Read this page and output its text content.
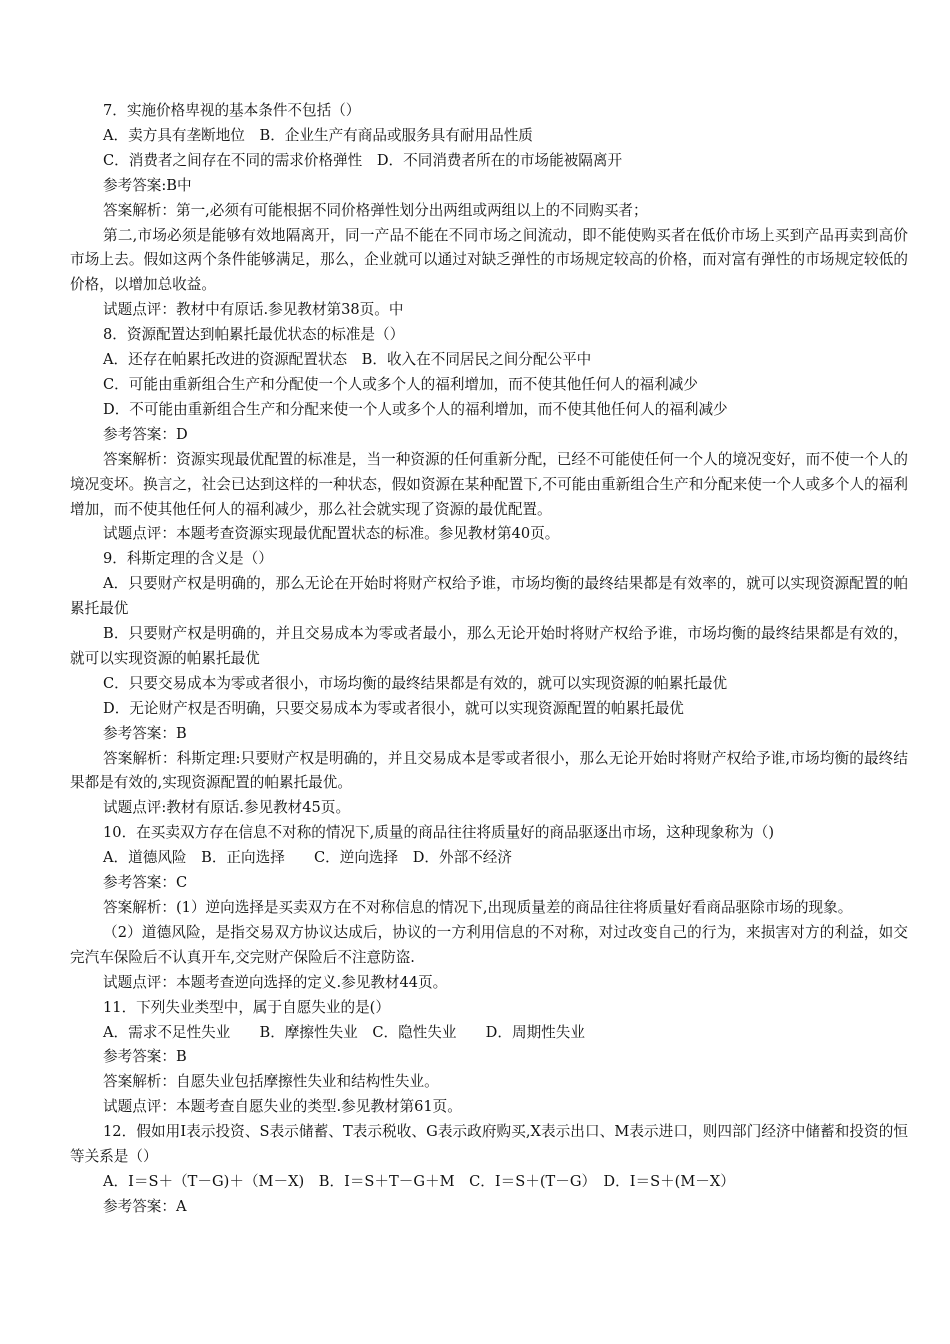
7．实施价格卑视的基本条件不包括（）

A．卖方具有垄断地位　B．企业生产有商品或服务具有耐用品性质

C．消费者之间存在不同的需求价格弹性　D．不同消费者所在的市场能被隔离开

参考答案:B中

答案解析：第一,必须有可能根据不同价格弹性划分出两组或两组以上的不同购买者；

第二,市场必须是能够有效地隔离开，同一产品不能在不同市场之间流动，即不能使购买者在低价市场上买到产品再卖到高价市场上去。假如这两个条件能够满足，那么，企业就可以通过对缺乏弹性的市场规定较高的价格，而对富有弹性的市场规定较低的价格，以增加总收益。

试题点评：教材中有原话.参见教材第38页。中

8．资源配置达到帕累托最优状态的标准是（）

A．还存在帕累托改进的资源配置状态　B．收入在不同居民之间分配公平中

C．可能由重新组合生产和分配使一个人或多个人的福利增加，而不使其他任何人的福利减少

D．不可能由重新组合生产和分配来使一个人或多个人的福利增加，而不使其他任何人的福利减少

参考答案：D

答案解析：资源实现最优配置的标准是，当一种资源的任何重新分配，已经不可能使任何一个人的境况变好，而不使一个人的境况变坏。换言之，社会已达到这样的一种状态，假如资源在某种配置下,不可能由重新组合生产和分配来使一个人或多个人的福利增加，而不使其他任何人的福利减少，那么社会就实现了资源的最优配置。

试题点评：本题考查资源实现最优配置状态的标准。参见教材第40页。

9．科斯定理的含义是（）

A．只要财产权是明确的，那么无论在开始时将财产权给予谁，市场均衡的最终结果都是有效率的，就可以实现资源配置的帕累托最优

B．只要财产权是明确的，并且交易成本为零或者最小，那么无论开始时将财产权给予谁，市场均衡的最终结果都是有效的，就可以实现资源的帕累托最优

C．只要交易成本为零或者很小，市场均衡的最终结果都是有效的，就可以实现资源的帕累托最优

D．无论财产权是否明确，只要交易成本为零或者很小，就可以实现资源配置的帕累托最优

参考答案：B

答案解析：科斯定理:只要财产权是明确的，并且交易成本是零或者很小，那么无论开始时将财产权给予谁,市场均衡的最终结果都是有效的,实现资源配置的帕累托最优。

试题点评:教材有原话.参见教材45页。

10．在买卖双方存在信息不对称的情况下,质量的商品往往将质量好的商品驱逐出市场，这种现象称为（)

A．道德风险　B．正向选择　　C．逆向选择　D．外部不经济

参考答案：C

答案解析：(1）逆向选择是买卖双方在不对称信息的情况下,出现质量差的商品往往将质量好看商品驱除市场的现象。

（2）道德风险，是指交易双方协议达成后，协议的一方利用信息的不对称，对过改变自己的行为，来损害对方的利益，如交完汽车保险后不认真开车,交完财产保险后不注意防盗.

试题点评：本题考查逆向选择的定义.参见教材44页。

11．下列失业类型中，属于自愿失业的是(）

A．需求不足性失业　　B．摩擦性失业　C．隐性失业　　D．周期性失业

参考答案：B

答案解析：自愿失业包括摩擦性失业和结构性失业。

试题点评：本题考查自愿失业的类型.参见教材第61页。

12．假如用I表示投资、S表示储蓄、T表示税收、G表示政府购买,X表示出口、M表示进口，则四部门经济中储蓄和投资的恒等关系是（）

A．I＝S＋（T－G)＋（M－X)　B．I＝S＋T－G＋M　C．I＝S＋(T－G）　D．I＝S＋(M－X）

参考答案：A
